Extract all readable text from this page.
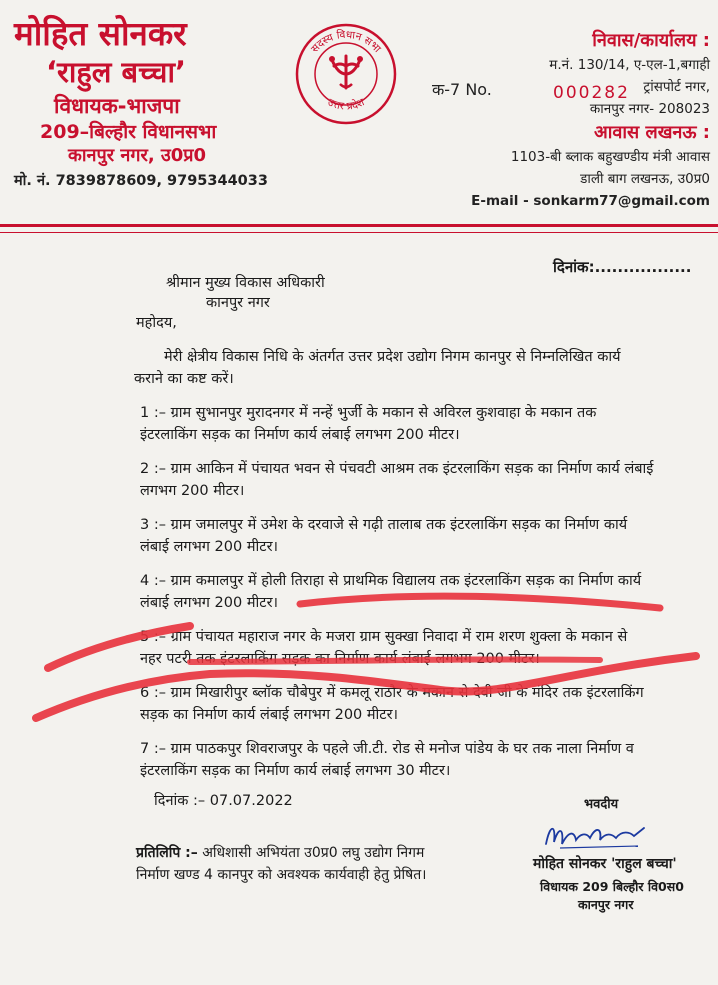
मोहित सोनकर
‘राहुल बच्चा’
विधायक-भाजपा
209–बिल्हौर विधानसभा
कानपुर नगर, उ0प्र0
मो. नं. 7839878609, 9795344033
सदस्य विधान सभा
उत्तर प्रदेश
निवास/कार्यालय :
म.नं. 130/14, ए-एल-1,बगाही
ट्रांसपोर्ट नगर,
कानपुर नगर- 208023
आवास लखनऊ :
1103-बी ब्लाक बहुखण्डीय मंत्री आवास
डाली बाग लखनऊ, उ0प्र0
E-mail - sonkarm77@gmail.com
क-7 No.	000282
दिनांक:.................
श्रीमान मुख्य विकास अधिकारी
कानपुर नगर
महोदय,
मेरी क्षेत्रीय विकास निधि के अंतर्गत उत्तर प्रदेश उद्योग निगम कानपुर से निम्नलिखित कार्य
कराने का कष्ट करें।
1 :– ग्राम सुभानपुर मुरादनगर में नन्हें भुर्जी के मकान से अविरल कुशवाहा के मकान तक
इंटरलाकिंग सड़क का निर्माण कार्य लंबाई लगभग 200 मीटर।
2 :– ग्राम आकिन में पंचायत भवन से पंचवटी आश्रम तक इंटरलाकिंग सड़क का निर्माण कार्य लंबाई
लगभग 200 मीटर।
3 :– ग्राम जमालपुर में उमेश के दरवाजे से गढ़ी तालाब तक इंटरलाकिंग सड़क का निर्माण कार्य
लंबाई लगभग 200 मीटर।
4 :– ग्राम कमालपुर में होली तिराहा से प्राथमिक विद्यालय तक इंटरलाकिंग सड़क का निर्माण कार्य
लंबाई लगभग 200 मीटर।
5 :– ग्राम पंचायत महाराज नगर के मजरा ग्राम सुक्खा निवादा में राम शरण शुक्ला के मकान से
नहर पटरी तक इंटरलाकिंग सड़क का निर्माण कार्य लंबाई लगभग 200 मीटर।
6 :– ग्राम मिखारीपुर ब्लॉक चौबेपुर में कमलू राठौर के मकान से देवी जी के मंदिर तक इंटरलाकिंग
सड़क का निर्माण कार्य लंबाई लगभग 200 मीटर।
7 :– ग्राम पाठकपुर शिवराजपुर के पहले जी.टी. रोड से मनोज पांडेय के घर तक नाला निर्माण व
इंटरलाकिंग सड़क का निर्माण कार्य लंबाई लगभग 30 मीटर।
दिनांक :– 07.07.2022	भवदीय
प्रतिलिपि :– अधिशासी अभियंता उ0प्र0 लघु उद्योग निगम
निर्माण खण्ड 4 कानपुर को अवश्यक कार्यवाही हेतु प्रेषित।
मोहित सोनकर 'राहुल बच्चा'
विधायक 209 बिल्हौर वि0स0
कानपुर नगर
